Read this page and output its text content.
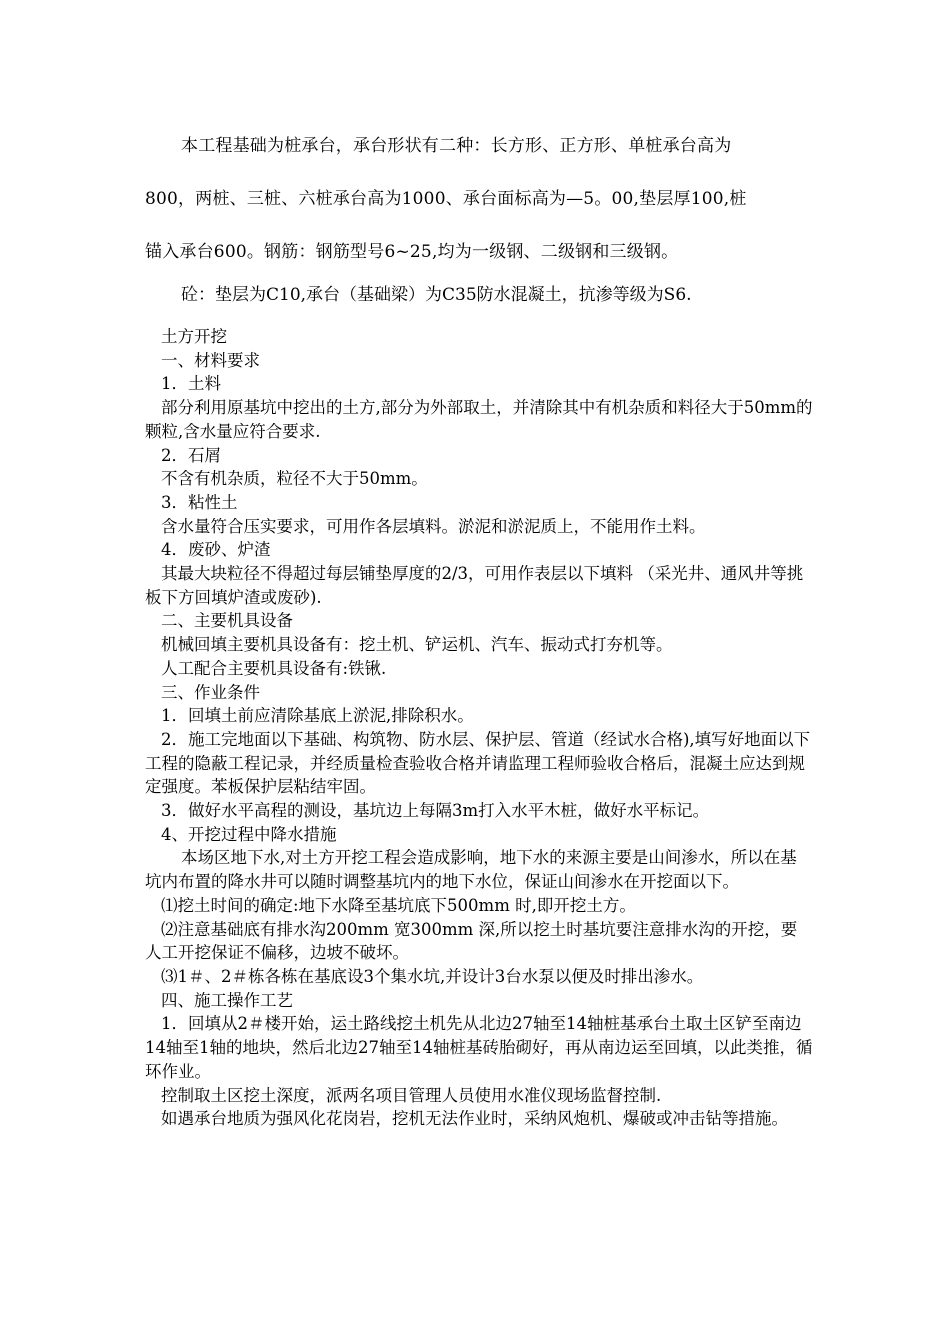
本工程基础为桩承台，承台形状有二种：长方形、正方形、单桩承台高为

800，两桩、三桩、六桩承台高为1000、承台面标高为—5。00,垫层厚100,桩

锚入承台600。钢筋：钢筋型号6~25,均为一级钢、二级钢和三级钢。

砼：垫层为C10,承台（基础梁）为C35防水混凝土，抗渗等级为S6.
土方开挖
一、材料要求
1．土料
部分利用原基坑中挖出的土方,部分为外部取土，并清除其中有机杂质和料径大于50mm的颗粒,含水量应符合要求.
2．石屑
不含有机杂质，粒径不大于50mm。
3．粘性土
含水量符合压实要求，可用作各层填料。淤泥和淤泥质上，不能用作土料。
4．废砂、炉渣
其最大块粒径不得超过每层铺垫厚度的2/3，可用作表层以下填料 （采光井、通风井等挑板下方回填炉渣或废砂).
二、主要机具设备
机械回填主要机具设备有：挖土机、铲运机、汽车、振动式打夯机等。
人工配合主要机具设备有:铁锹.
三、作业条件
1．回填土前应清除基底上淤泥,排除积水。
2．施工完地面以下基础、构筑物、防水层、保护层、管道（经试水合格),填写好地面以下工程的隐蔽工程记录，并经质量检查验收合格并请监理工程师验收合格后，混凝土应达到规定强度。苯板保护层粘结牢固。
3．做好水平高程的测设，基坑边上每隔3m打入水平木桩，做好水平标记。
4、开挖过程中降水措施
本场区地下水,对土方开挖工程会造成影响，地下水的来源主要是山间渗水，所以在基坑内布置的降水井可以随时调整基坑内的地下水位，保证山间渗水在开挖面以下。
⑴挖土时间的确定:地下水降至基坑底下500mm 时,即开挖土方。
⑵注意基础底有排水沟200mm 宽300mm 深,所以挖土时基坑要注意排水沟的开挖，要人工开挖保证不偏移，边坡不破坏。
⑶1＃、2＃栋各栋在基底设3个集水坑,并设计3台水泵以便及时排出渗水。
四、施工操作工艺
1．回填从2＃楼开始，运土路线挖土机先从北边27轴至14轴桩基承台土取土区铲至南边14轴至1轴的地块，然后北边27轴至14轴桩基砖胎砌好，再从南边运至回填，以此类推，循环作业。
控制取土区挖土深度，派两名项目管理人员使用水准仪现场监督控制.
如遇承台地质为强风化花岗岩，挖机无法作业时，采纳风炮机、爆破或冲击钻等措施。
